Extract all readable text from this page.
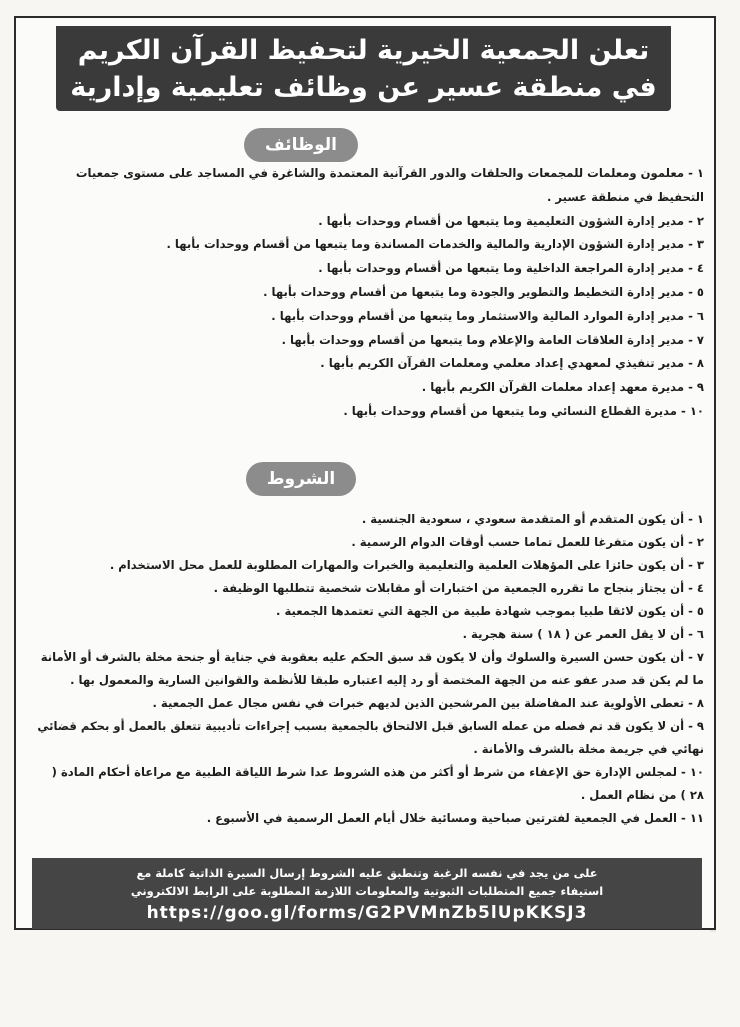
تعلن الجمعية الخيرية لتحفيظ القرآن الكريم
في منطقة عسير عن وظائف تعليمية وإدارية
الوظائف
١ -معلمون ومعلمات للمجمعات والحلقات والدور القرآنية المعتمدة والشاغرة في المساجد على مستوى جمعيات التحفيظ في منطقة عسير .
٢ -مدير إدارة الشؤون التعليمية وما يتبعها من أقسام ووحدات بأبها .
٣ -مدير إدارة الشؤون الإدارية والمالية والخدمات المساندة وما يتبعها من أقسام ووحدات بأبها .
٤ -مدير إدارة المراجعة الداخلية وما يتبعها من أقسام ووحدات بأبها .
٥ -مدير إدارة التخطيط والتطوير والجودة وما يتبعها من أقسام ووحدات بأبها .
٦ -مدير إدارة الموارد المالية والاستثمار وما يتبعها من أقسام ووحدات بأبها .
٧ -مدير إدارة العلاقات العامة والإعلام وما يتبعها من أقسام ووحدات بأبها .
٨ -مدير تنفيذي لمعهدي إعداد معلمي ومعلمات القرآن الكريم بأبها .
٩ -مديرة معهد إعداد معلمات القرآن الكريم بأبها .
١٠ -مديرة القطاع النسائي وما يتبعها من أقسام ووحدات بأبها .
الشروط
١ -أن يكون المتقدم أو المتقدمة سعودي ، سعودية الجنسية .
٢ -أن يكون متفرغا للعمل تماما حسب أوقات الدوام الرسمية .
٣ -أن يكون حائزا على المؤهلات العلمية والتعليمية والخبرات والمهارات المطلوبة للعمل محل الاستخدام .
٤ -أن يجتاز بنجاح ما تقرره الجمعية من اختبارات أو مقابلات شخصية تتطلبها الوظيفة .
٥ -أن يكون لائقا طبيا بموجب شهادة طبية من الجهة التي تعتمدها الجمعية .
٦ -أن لا يقل العمر عن ( ١٨ ) سنة هجرية .
٧ -أن يكون حسن السيرة والسلوك وأن لا يكون قد سبق الحكم عليه بعقوبة في جناية أو جنحة مخلة بالشرف أو الأمانة ما لم يكن قد صدر عفو عنه من الجهة المختصة أو رد إليه اعتباره طبقا للأنظمة والقوانين السارية والمعمول بها .
٨ -تعطى الأولوية عند المفاضلة بين المرشحين الذين لديهم خبرات في نفس مجال عمل الجمعية .
٩ -أن لا يكون قد تم فصله من عمله السابق قبل الالتحاق بالجمعية بسبب إجراءات تأديبية تتعلق بالعمل أو بحكم قضائي نهائي في جريمة مخلة بالشرف والأمانة .
١٠ -لمجلس الإدارة حق الإعفاء من شرط أو أكثر من هذه الشروط عدا شرط اللياقة الطبية مع مراعاة أحكام المادة ( ٢٨ ) من نظام العمل .
١١ -العمل في الجمعية لفترتين صباحية ومسائية خلال أيام العمل الرسمية في الأسبوع .
على من يجد في نفسه الرغبة وتنطبق عليه الشروط إرسال السيرة الذاتية كاملة مع
استيفاء جميع المتطلبات الثبوتية والمعلومات اللازمة المطلوبة على الرابط الالكتروني
https://goo.gl/forms/G2PVMnZb5lUpKKSJ3
